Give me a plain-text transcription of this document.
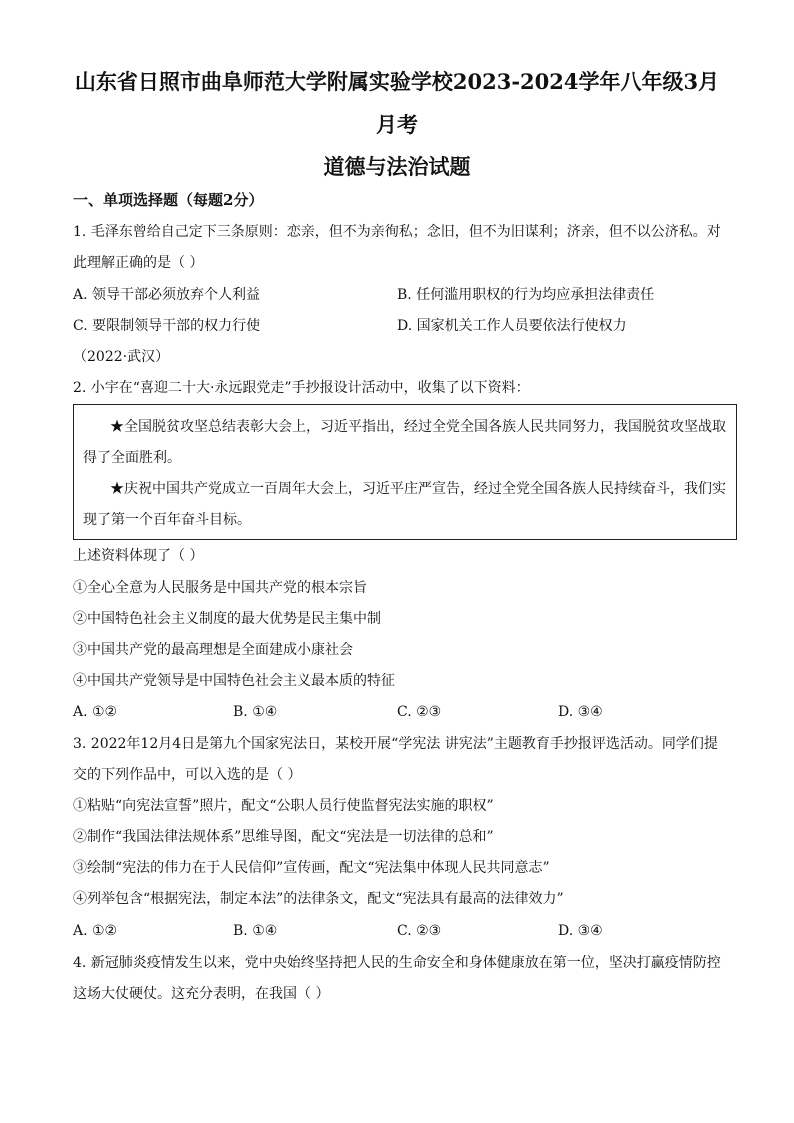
山东省日照市曲阜师范大学附属实验学校2023-2024学年八年级3月
月考
道德与法治试题
一、单项选择题（每题2分）
1. 毛泽东曾给自己定下三条原则：恋亲，但不为亲徇私；念旧，但不为旧谋利；济亲，但不以公济私。对
此理解正确的是（ ）
A. 领导干部必须放弃个人利益	B. 任何滥用职权的行为均应承担法律责任
C. 要限制领导干部的权力行使	D. 国家机关工作人员要依法行使权力
（2022·武汉）
2. 小宇在“喜迎二十大·永远跟党走”手抄报设计活动中，收集了以下资料：
★全国脱贫攻坚总结表彰大会上，习近平指出，经过全党全国各族人民共同努力，我国脱贫攻坚战取
得了全面胜利。
★庆祝中国共产党成立一百周年大会上，习近平庄严宣告，经过全党全国各族人民持续奋斗，我们实
现了第一个百年奋斗目标。
上述资料体现了（ ）
①全心全意为人民服务是中国共产党的根本宗旨
②中国特色社会主义制度的最大优势是民主集中制
③中国共产党的最高理想是全面建成小康社会
④中国共产党领导是中国特色社会主义最本质的特征
A. ①②	B. ①④	C. ②③	D. ③④
3. 2022年12月4日是第九个国家宪法日，某校开展“学宪法 讲宪法”主题教育手抄报评选活动。同学们提
交的下列作品中，可以入选的是（ ）
①粘贴“向宪法宣誓”照片，配文“公职人员行使监督宪法实施的职权”
②制作“我国法律法规体系”思维导图，配文“宪法是一切法律的总和”
③绘制“宪法的伟力在于人民信仰”宣传画，配文“宪法集中体现人民共同意志”
④列举包含“根据宪法，制定本法”的法律条文，配文“宪法具有最高的法律效力”
A. ①②	B. ①④	C. ②③	D. ③④
4. 新冠肺炎疫情发生以来，党中央始终坚持把人民的生命安全和身体健康放在第一位，坚决打赢疫情防控
这场大仗硬仗。这充分表明，在我国（ ）
